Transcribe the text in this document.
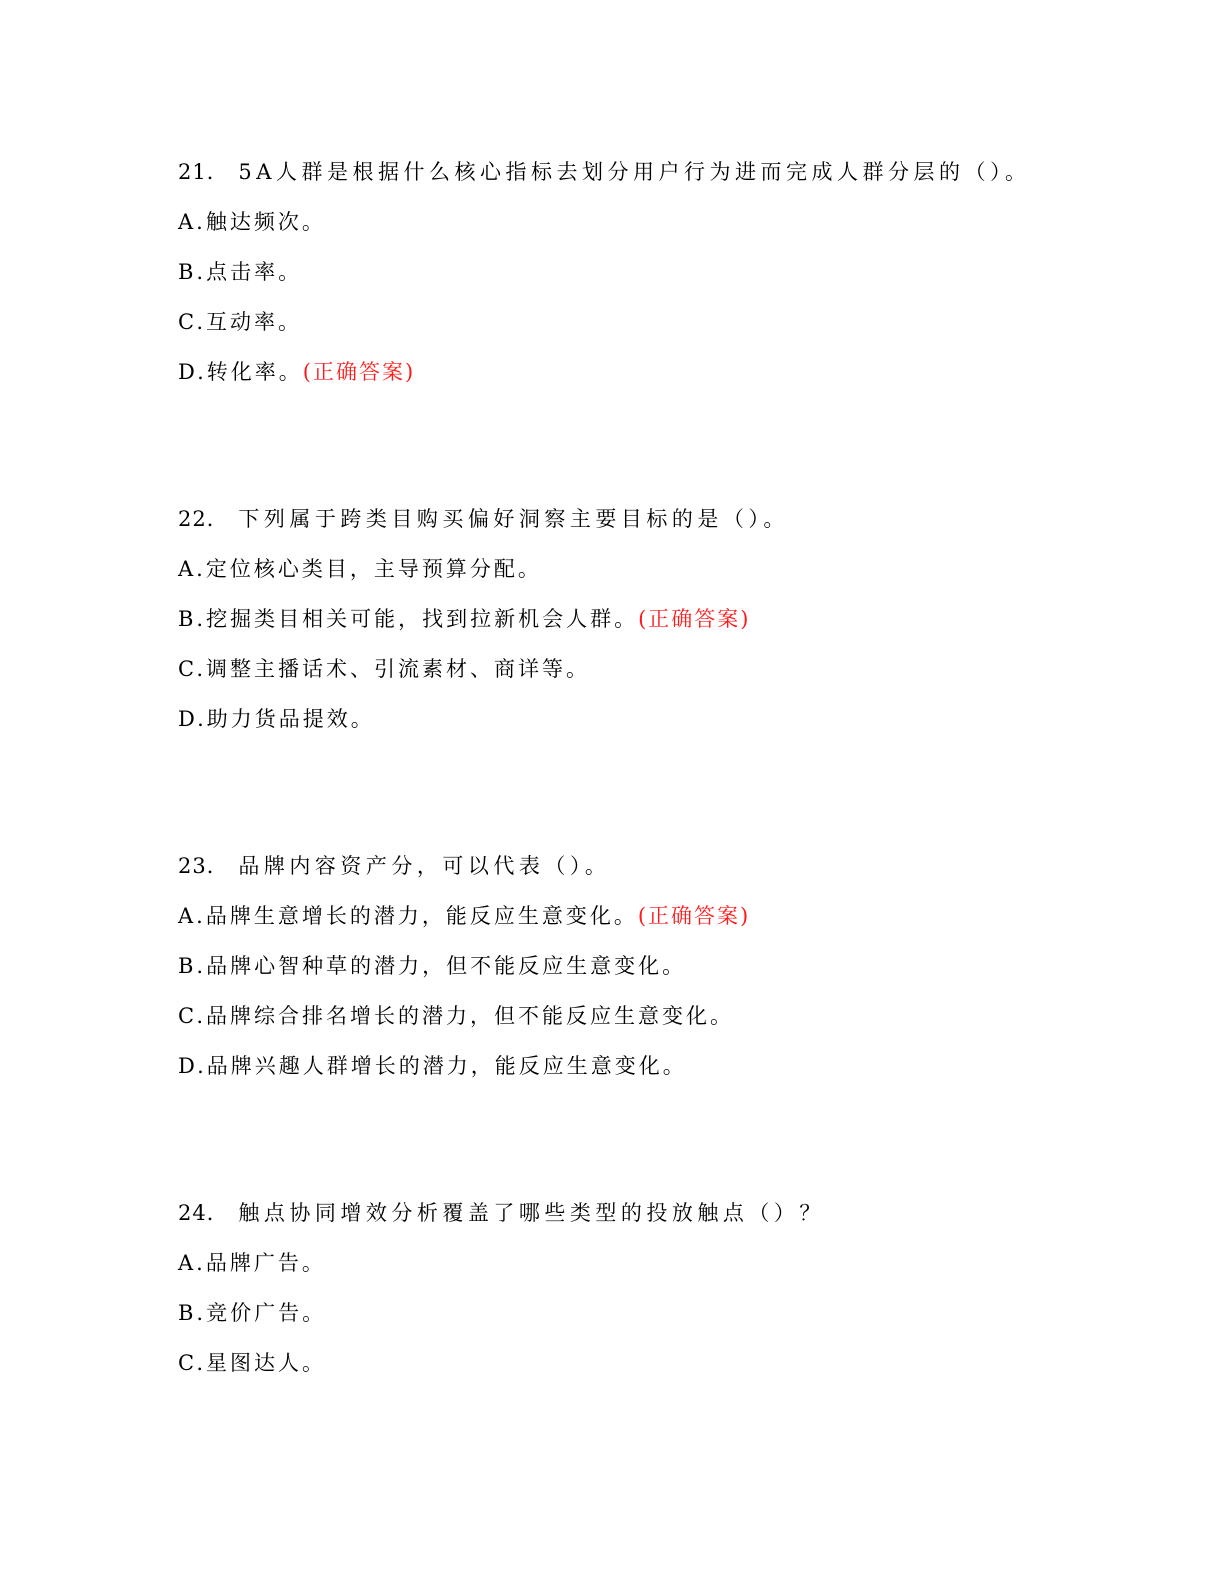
21． 5A人群是根据什么核心指标去划分用户行为进而完成人群分层的（）。
A.触达频次。
B.点击率。
C.互动率。
D.转化率。(正确答案)
22． 下列属于跨类目购买偏好洞察主要目标的是（）。
A.定位核心类目，主导预算分配。
B.挖掘类目相关可能，找到拉新机会人群。(正确答案)
C.调整主播话术、引流素材、商详等。
D.助力货品提效。
23． 品牌内容资产分，可以代表（）。
A.品牌生意增长的潜力，能反应生意变化。(正确答案)
B.品牌心智种草的潜力，但不能反应生意变化。
C.品牌综合排名增长的潜力，但不能反应生意变化。
D.品牌兴趣人群增长的潜力，能反应生意变化。
24． 触点协同增效分析覆盖了哪些类型的投放触点（）？
A.品牌广告。
B.竞价广告。
C.星图达人。
